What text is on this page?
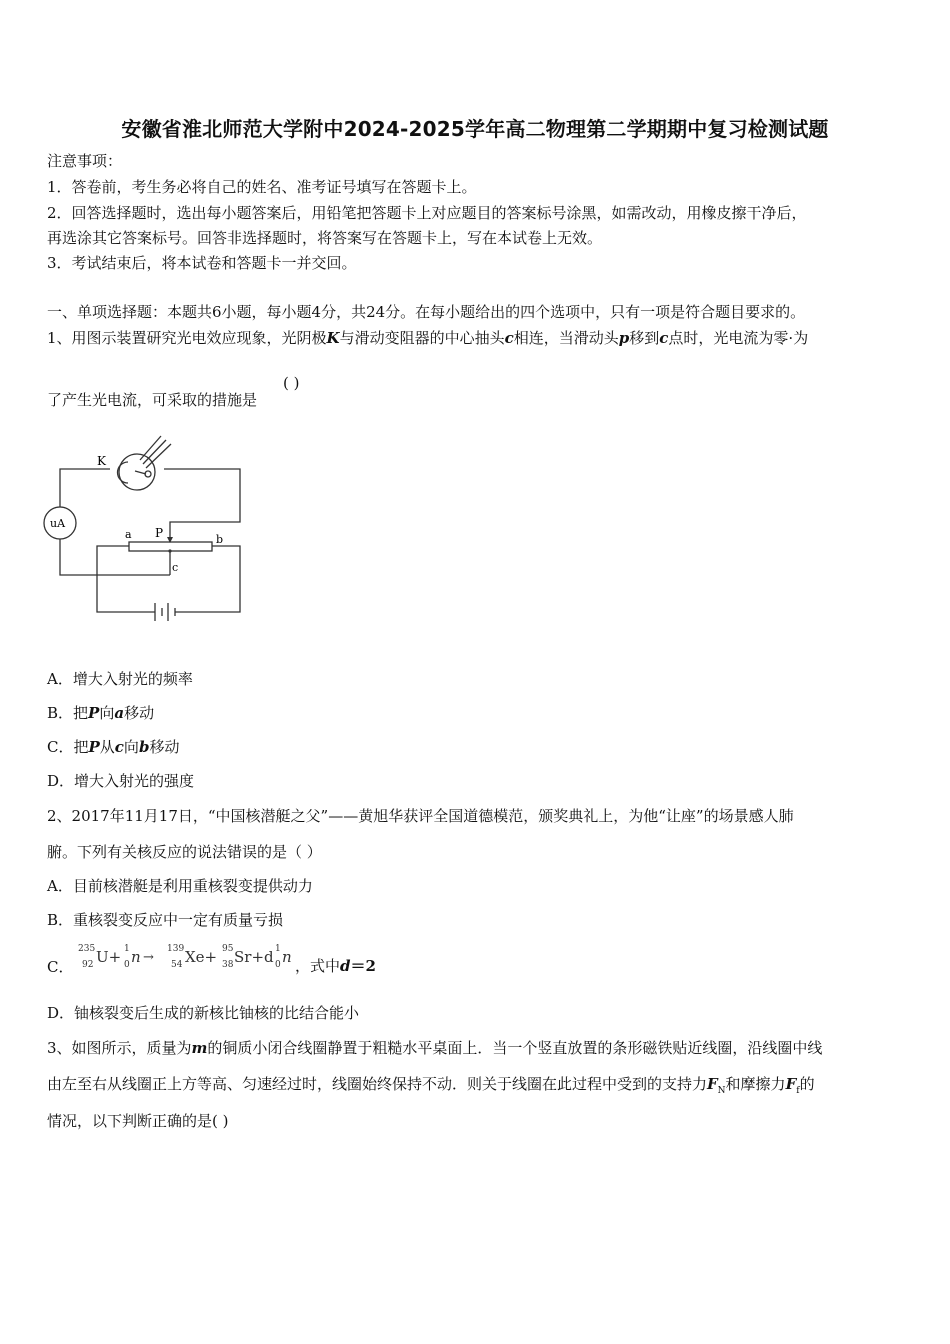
安徽省淮北师范大学附中2024-2025学年高二物理第二学期期中复习检测试题
注意事项：
1．答卷前，考生务必将自己的姓名、准考证号填写在答题卡上。
2．回答选择题时，选出每小题答案后，用铅笔把答题卡上对应题目的答案标号涂黑，如需改动，用橡皮擦干净后，
再选涂其它答案标号。回答非选择题时，将答案写在答题卡上，写在本试卷上无效。
3．考试结束后，将本试卷和答题卡一并交回。
一、单项选择题：本题共6小题，每小题4分，共24分。在每小题给出的四个选项中，只有一项是符合题目要求的。
1、用图示装置研究光电效应现象，光阴极K与滑动变阻器的中心抽头c相连，当滑动头p移到c点时，光电流为零·为
了产生光电流，可采取的措施是
( )
K
uA
a P	b
c
A．增大入射光的频率
B．把P向a移动
C．把P从c向b移动
D．增大入射光的强度
2、2017年11月17日，“中国核潜艇之父”——黄旭华获评全国道德模范，颁奖典礼上，为他“让座”的场景感人肺
腑。下列有关核反应的说法错误的是（ ）
A．目前核潜艇是利用重核裂变提供动力
B．重核裂变反应中一定有质量亏损
C．
235
92
1
0
139
54
95
38
1
0
U+ n → Xe+ Sr+d n ，式中d＝2
D．铀核裂变后生成的新核比铀核的比结合能小
3、如图所示，质量为m的铜质小闭合线圈静置于粗糙水平桌面上．当一个竖直放置的条形磁铁贴近线圈，沿线圈中线
由左至右从线圈正上方等高、匀速经过时，线圈始终保持不动．则关于线圈在此过程中受到的支持力$F_N$和摩擦力$F_f$的
情况，以下判断正确的是( )
